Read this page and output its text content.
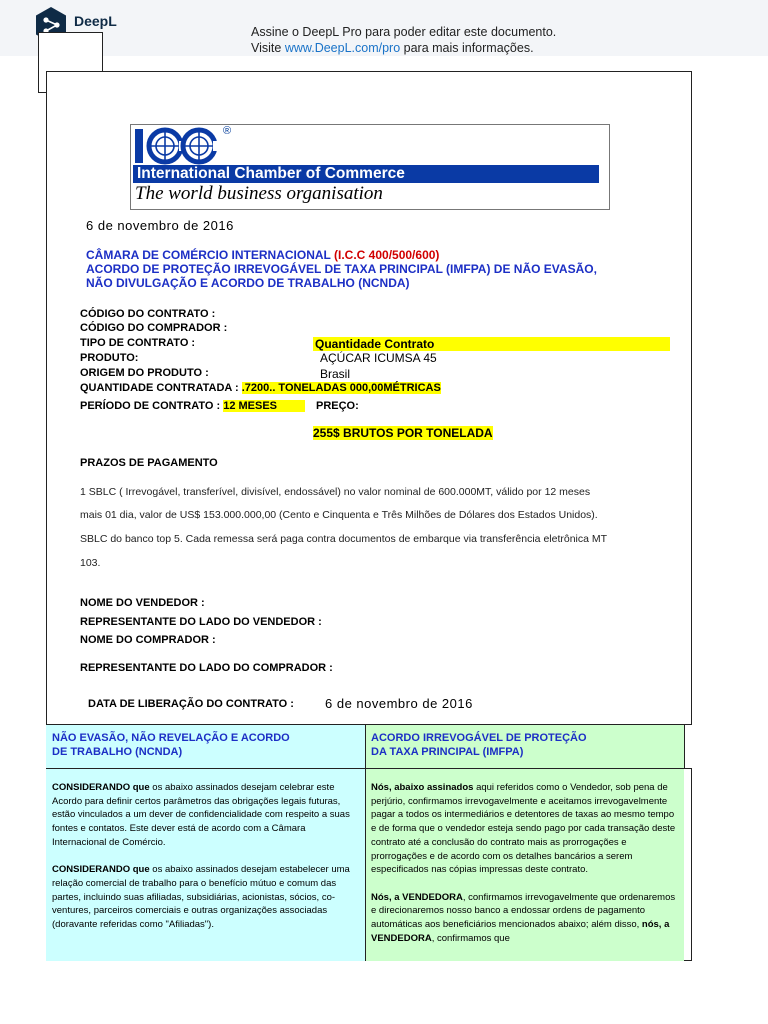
DeepL
Assine o DeepL Pro para poder editar este documento.
Visite www.DeepL.com/pro para mais informações.
®
International Chamber of Commerce
The world business organisation
6 de novembro de 2016
CÂMARA DE COMÉRCIO INTERNACIONAL (I.C.C 400/500/600)
ACORDO DE PROTEÇÃO IRREVOGÁVEL DE TAXA PRINCIPAL (IMFPA) DE NÃO EVASÃO,
NÃO DIVULGAÇÃO E ACORDO DE TRABALHO (NCNDA)
CÓDIGO DO CONTRATO :
CÓDIGO DO COMPRADOR :
TIPO DE CONTRATO :	Quantidade Contrato
PRODUTO:	AÇÚCAR ICUMSA 45
ORIGEM DO PRODUTO :	Brasil
QUANTIDADE CONTRATADA : .7200.. TONELADAS 000,00MÉTRICAS
PERÍODO DE CONTRATO : 12 MESES	PREÇO:
255$ BRUTOS POR TONELADA
PRAZOS DE PAGAMENTO
1 SBLC ( Irrevogável, transferível, divisível, endossável) no valor nominal de 600.000MT, válido por 12 meses
mais 01 dia, valor de US$ 153.000.000,00 (Cento e Cinquenta e Três Milhões de Dólares dos Estados Unidos).
SBLC do banco top 5. Cada remessa será paga contra documentos de embarque via transferência eletrônica MT
103.
NOME DO VENDEDOR :
REPRESENTANTE DO LADO DO VENDEDOR :
NOME DO COMPRADOR :
REPRESENTANTE DO LADO DO COMPRADOR :
DATA DE LIBERAÇÃO DO CONTRATO : 6 de novembro de 2016
NÃO EVASÃO, NÃO REVELAÇÃO E ACORDO
DE TRABALHO (NCNDA)

CONSIDERANDO que os abaixo assinados desejam celebrar este Acordo para definir certos parâmetros das obrigações legais futuras, estão vinculados a um dever de confidencialidade com respeito a suas fontes e contatos. Este dever está de acordo com a Câmara Internacional de Comércio.

CONSIDERANDO que os abaixo assinados desejam estabelecer uma relação comercial de trabalho para o benefício mútuo e comum das partes, incluindo suas afiliadas, subsidiárias, acionistas, sócios, co-ventures, parceiros comerciais e outras organizações associadas (doravante referidas como "Afiliadas").

ACORDO IRREVOGÁVEL DE PROTEÇÃO
DA TAXA PRINCIPAL (IMFPA)

Nós, abaixo assinados aqui referidos como o Vendedor, sob pena de perjúrio, confirmamos irrevogavelmente e aceitamos irrevogavelmente pagar a todos os intermediários e detentores de taxas ao mesmo tempo e de forma que o vendedor esteja sendo pago por cada transação deste contrato até a conclusão do contrato mais as prorrogações e prorrogações e de acordo com os detalhes bancários a serem especificados nas cópias impressas deste contrato.

Nós, a VENDEDORA, confirmamos irrevogavelmente que ordenaremos e direcionaremos nosso banco a endossar ordens de pagamento automáticas aos beneficiários mencionados abaixo; além disso, nós, a VENDEDORA, confirmamos que
